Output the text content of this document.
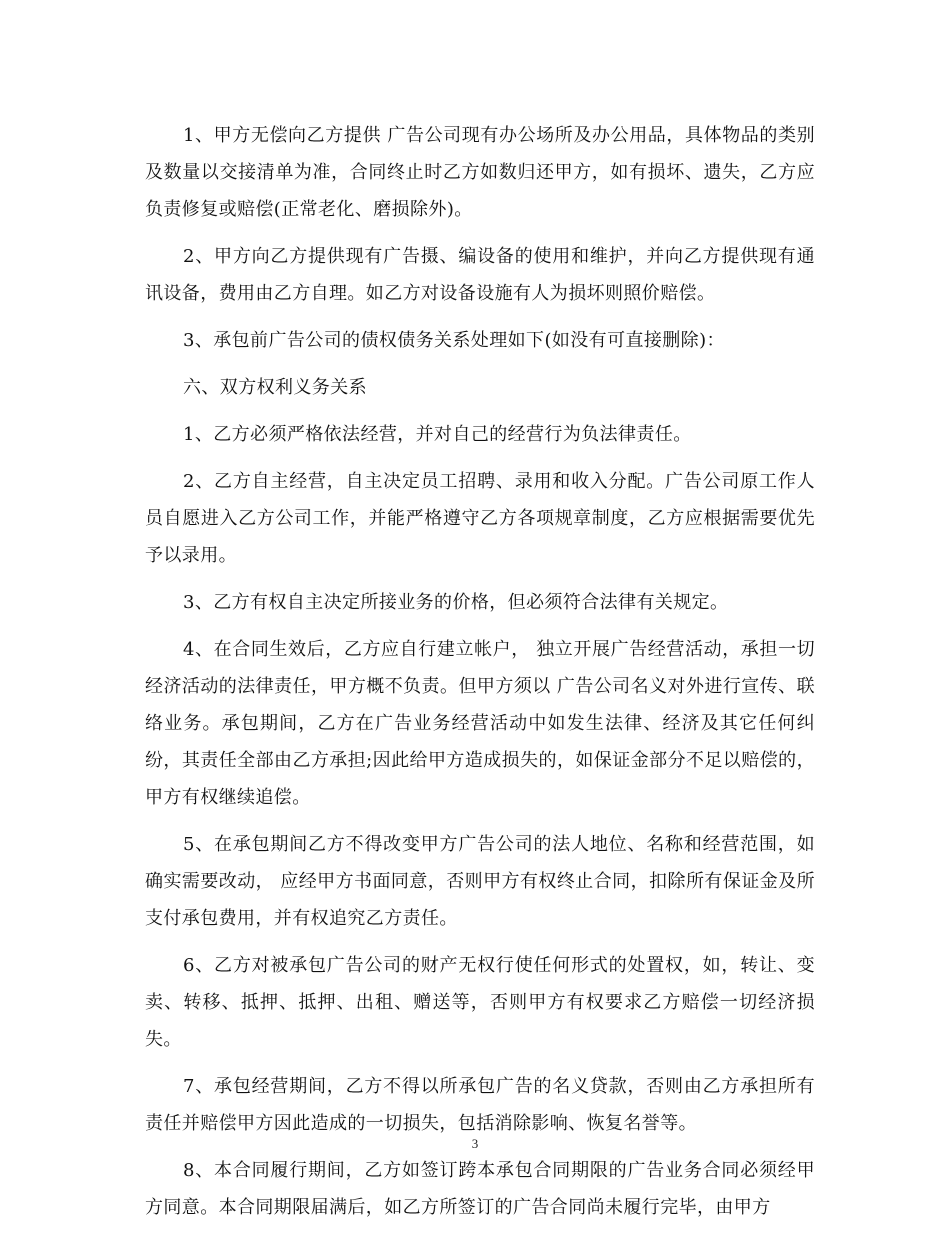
1、甲方无偿向乙方提供 广告公司现有办公场所及办公用品，具体物品的类别及数量以交接清单为准，合同终止时乙方如数归还甲方，如有损坏、遗失，乙方应负责修复或赔偿(正常老化、磨损除外)。

2、甲方向乙方提供现有广告摄、编设备的使用和维护，并向乙方提供现有通讯设备，费用由乙方自理。如乙方对设备设施有人为损坏则照价赔偿。

3、承包前广告公司的债权债务关系处理如下(如没有可直接删除)：

六、双方权利义务关系

1、乙方必须严格依法经营，并对自己的经营行为负法律责任。

2、乙方自主经营，自主决定员工招聘、录用和收入分配。广告公司原工作人员自愿进入乙方公司工作，并能严格遵守乙方各项规章制度，乙方应根据需要优先予以录用。

3、乙方有权自主决定所接业务的价格，但必须符合法律有关规定。

4、在合同生效后，乙方应自行建立帐户， 独立开展广告经营活动，承担一切经济活动的法律责任，甲方概不负责。但甲方须以 广告公司名义对外进行宣传、联络业务。承包期间，乙方在广告业务经营活动中如发生法律、经济及其它任何纠纷，其责任全部由乙方承担;因此给甲方造成损失的，如保证金部分不足以赔偿的，甲方有权继续追偿。

5、在承包期间乙方不得改变甲方广告公司的法人地位、名称和经营范围，如确实需要改动， 应经甲方书面同意，否则甲方有权终止合同，扣除所有保证金及所支付承包费用，并有权追究乙方责任。

6、乙方对被承包广告公司的财产无权行使任何形式的处置权，如，转让、变卖、转移、抵押、抵押、出租、赠送等，否则甲方有权要求乙方赔偿一切经济损失。

7、承包经营期间，乙方不得以所承包广告的名义贷款，否则由乙方承担所有责任并赔偿甲方因此造成的一切损失，包括消除影响、恢复名誉等。

8、本合同履行期间，乙方如签订跨本承包合同期限的广告业务合同必须经甲方同意。本合同期限届满后，如乙方所签订的广告合同尚未履行完毕，由甲方

3
